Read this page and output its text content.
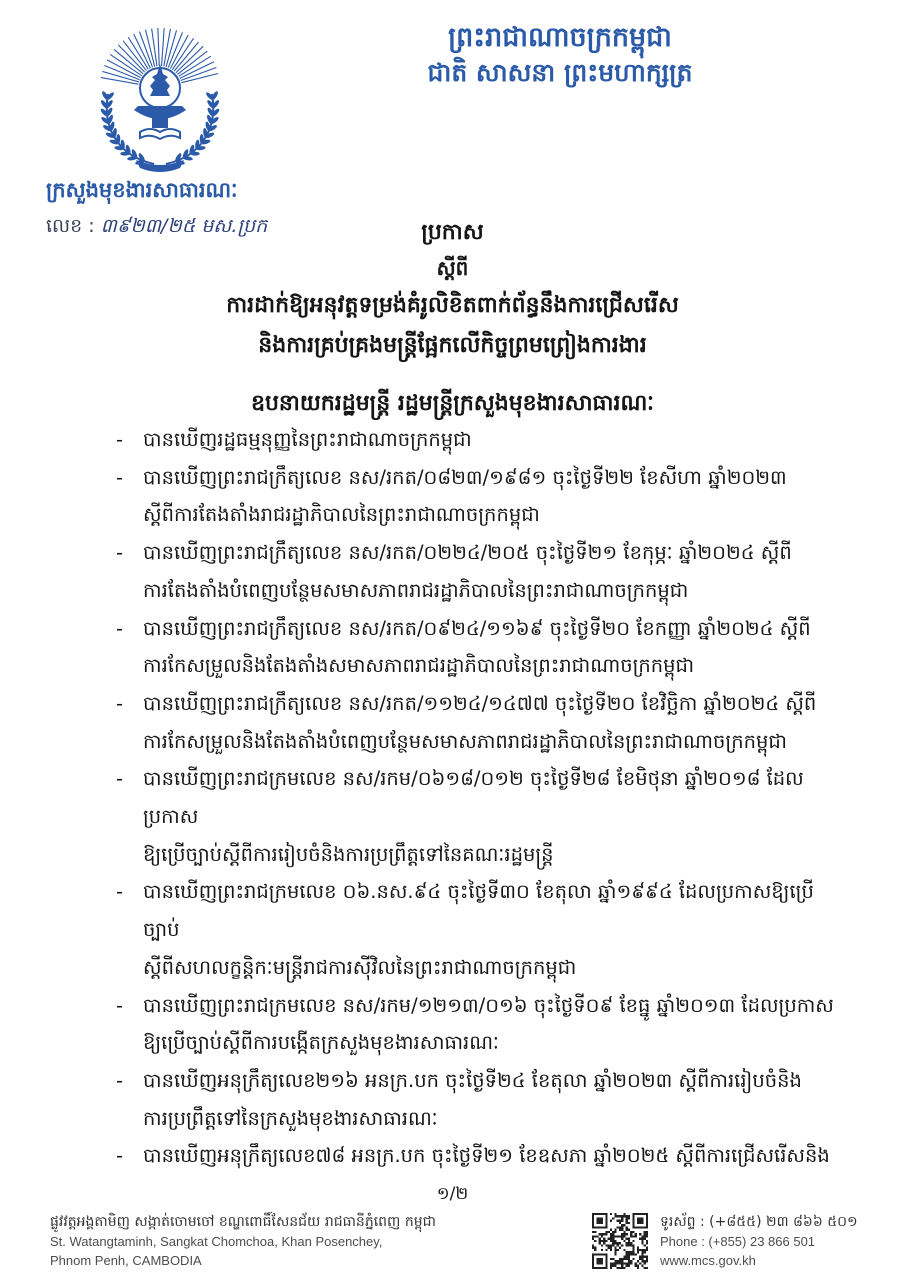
ព្រះរាជាណាចក្រកម្ពុជា
ជាតិ សាសនា ព្រះមហាក្សត្រ
ក្រសួងមុខងារសាធារណៈ
លេខ : ៣៩២៣/២៥ មស.ប្រក	ប្រកាស
ស្តីពី
ការដាក់ឱ្យអនុវត្តទម្រង់គំរូលិខិតពាក់ព័ន្ធនឹងការជ្រើសរើស
និងការគ្រប់គ្រងមន្ត្រីផ្អែកលើកិច្ចព្រមព្រៀងការងារ
ឧបនាយករដ្ឋមន្ត្រី រដ្ឋមន្ត្រីក្រសួងមុខងារសាធារណៈ
-	បានឃើញរដ្ឋធម្មនុញ្ញនៃព្រះរាជាណាចក្រកម្ពុជា
-	បានឃើញព្រះរាជក្រឹត្យលេខ នស/រកត/០៨២៣/១៩៨១ ចុះថ្ងៃទី២២ ខែសីហា ឆ្នាំ២០២៣
ស្តីពីការតែងតាំងរាជរដ្ឋាភិបាលនៃព្រះរាជាណាចក្រកម្ពុជា
-	បានឃើញព្រះរាជក្រឹត្យលេខ នស/រកត/០២២៤/២០៥ ចុះថ្ងៃទី២១ ខែកុម្ភៈ ឆ្នាំ២០២៤ ស្តីពី
ការតែងតាំងបំពេញបន្ថែមសមាសភាពរាជរដ្ឋាភិបាលនៃព្រះរាជាណាចក្រកម្ពុជា
-	បានឃើញព្រះរាជក្រឹត្យលេខ នស/រកត/០៩២៤/១១៦៩ ចុះថ្ងៃទី២០ ខែកញ្ញា ឆ្នាំ២០២៤ ស្តីពី
ការកែសម្រួលនិងតែងតាំងសមាសភាពរាជរដ្ឋាភិបាលនៃព្រះរាជាណាចក្រកម្ពុជា
-	បានឃើញព្រះរាជក្រឹត្យលេខ នស/រកត/១១២៤/១៤៧៧ ចុះថ្ងៃទី២០ ខែវិច្ឆិកា ឆ្នាំ២០២៤ ស្តីពី
ការកែសម្រួលនិងតែងតាំងបំពេញបន្ថែមសមាសភាពរាជរដ្ឋាភិបាលនៃព្រះរាជាណាចក្រកម្ពុជា
-	បានឃើញព្រះរាជក្រមលេខ នស/រកម/០៦១៨/០១២ ចុះថ្ងៃទី២៨ ខែមិថុនា ឆ្នាំ២០១៨ ដែលប្រកាស
ឱ្យប្រើច្បាប់ស្តីពីការរៀបចំនិងការប្រព្រឹត្តទៅនៃគណៈរដ្ឋមន្ត្រី
-	បានឃើញព្រះរាជក្រមលេខ ០៦.នស.៩៤ ចុះថ្ងៃទី៣០ ខែតុលា ឆ្នាំ១៩៩៤ ដែលប្រកាសឱ្យប្រើច្បាប់
ស្តីពីសហលក្ខន្តិកៈមន្ត្រីរាជការស៊ីវិលនៃព្រះរាជាណាចក្រកម្ពុជា
-	បានឃើញព្រះរាជក្រមលេខ នស/រកម/១២១៣/០១៦ ចុះថ្ងៃទី០៩ ខែធ្នូ ឆ្នាំ២០១៣ ដែលប្រកាស
ឱ្យប្រើច្បាប់ស្តីពីការបង្កើតក្រសួងមុខងារសាធារណៈ
-	បានឃើញអនុក្រឹត្យលេខ២១៦ អនក្រ.បក ចុះថ្ងៃទី២៤ ខែតុលា ឆ្នាំ២០២៣ ស្តីពីការរៀបចំនិង
ការប្រព្រឹត្តទៅនៃក្រសួងមុខងារសាធារណៈ
-	បានឃើញអនុក្រឹត្យលេខ៧៨ អនក្រ.បក ចុះថ្ងៃទី២១ ខែឧសភា ឆ្នាំ២០២៥ ស្តីពីការជ្រើសរើសនិង
១/២
ផ្លូវវត្តអង្គតាមិញ សង្កាត់ចោមចៅ ខណ្ឌពោធិ៍សែនជ័យ រាជធានីភ្នំពេញ កម្ពុជា
St. Watangtaminh, Sangkat Chomchoa, Khan Posenchey,
Phnom Penh, CAMBODIA
ទូរស័ព្ទ : (+៨៥៥) ២៣ ៨៦៦ ៥០១
Phone : (+855) 23 866 501
www.mcs.gov.kh
